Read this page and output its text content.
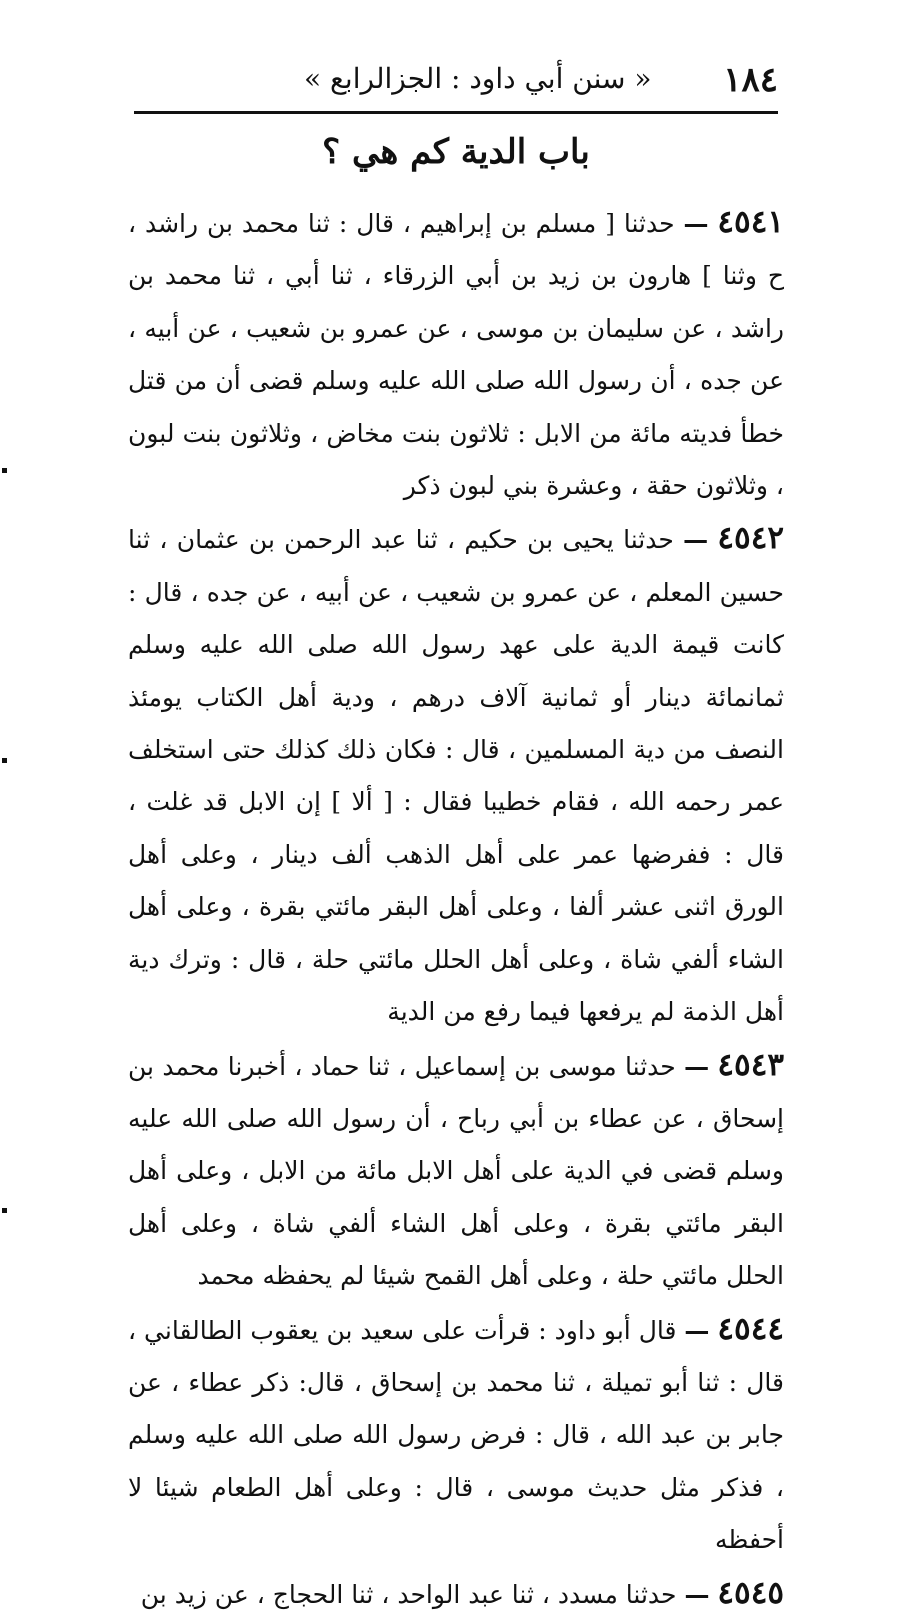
١٨٤
« سنن أبي داود : الجزالرابع »
باب الدية كم هي ؟

٤٥٤١ — حدثنا [ مسلم بن إبراهيم ، قال : ثنا محمد بن راشد ، ح وثنا ] هارون بن زيد بن أبي الزرقاء ، ثنا أبي ، ثنا محمد بن راشد ، عن سليمان بن موسى ، عن عمرو بن شعيب ، عن أبيه ، عن جده ، أن رسول الله صلى الله عليه وسلم قضى أن من قتل خطأ فديته مائة من الابل : ثلاثون بنت مخاض ، وثلاثون بنت لبون ، وثلاثون حقة ، وعشرة بني لبون ذكر

٤٥٤٢ — حدثنا يحيى بن حكيم ، ثنا عبد الرحمن بن عثمان ، ثنا حسين المعلم ، عن عمرو بن شعيب ، عن أبيه ، عن جده ، قال : كانت قيمة الدية على عهد رسول الله صلى الله عليه وسلم ثمانمائة دينار أو ثمانية آلاف درهم ، ودية أهل الكتاب يومئذ النصف من دية المسلمين ، قال : فكان ذلك كذلك حتى استخلف عمر رحمه الله ، فقام خطيبا فقال : [ ألا ] إن الابل قد غلت ، قال : ففرضها عمر على أهل الذهب ألف دينار ، وعلى أهل الورق اثنى عشر ألفا ، وعلى أهل البقر مائتي بقرة ، وعلى أهل الشاء ألفي شاة ، وعلى أهل الحلل مائتي حلة ، قال : وترك دية أهل الذمة لم يرفعها فيما رفع من الدية

٤٥٤٣ — حدثنا موسى بن إسماعيل ، ثنا حماد ، أخبرنا محمد بن إسحاق ، عن عطاء بن أبي رباح ، أن رسول الله صلى الله عليه وسلم قضى في الدية على أهل الابل مائة من الابل ، وعلى أهل البقر مائتي بقرة ، وعلى أهل الشاء ألفي شاة ، وعلى أهل الحلل مائتي حلة ، وعلى أهل القمح شيئا لم يحفظه محمد

٤٥٤٤ — قال أبو داود : قرأت على سعيد بن يعقوب الطالقاني ، قال : ثنا أبو تميلة ، ثنا محمد بن إسحاق ، قال: ذكر عطاء ، عن جابر بن عبد الله ، قال : فرض رسول الله صلى الله عليه وسلم ، فذكر مثل حديث موسى ، قال : وعلى أهل الطعام شيئا لا أحفظه

٤٥٤٥ — حدثنا مسدد ، ثنا عبد الواحد ، ثنا الحجاج ، عن زيد بن
